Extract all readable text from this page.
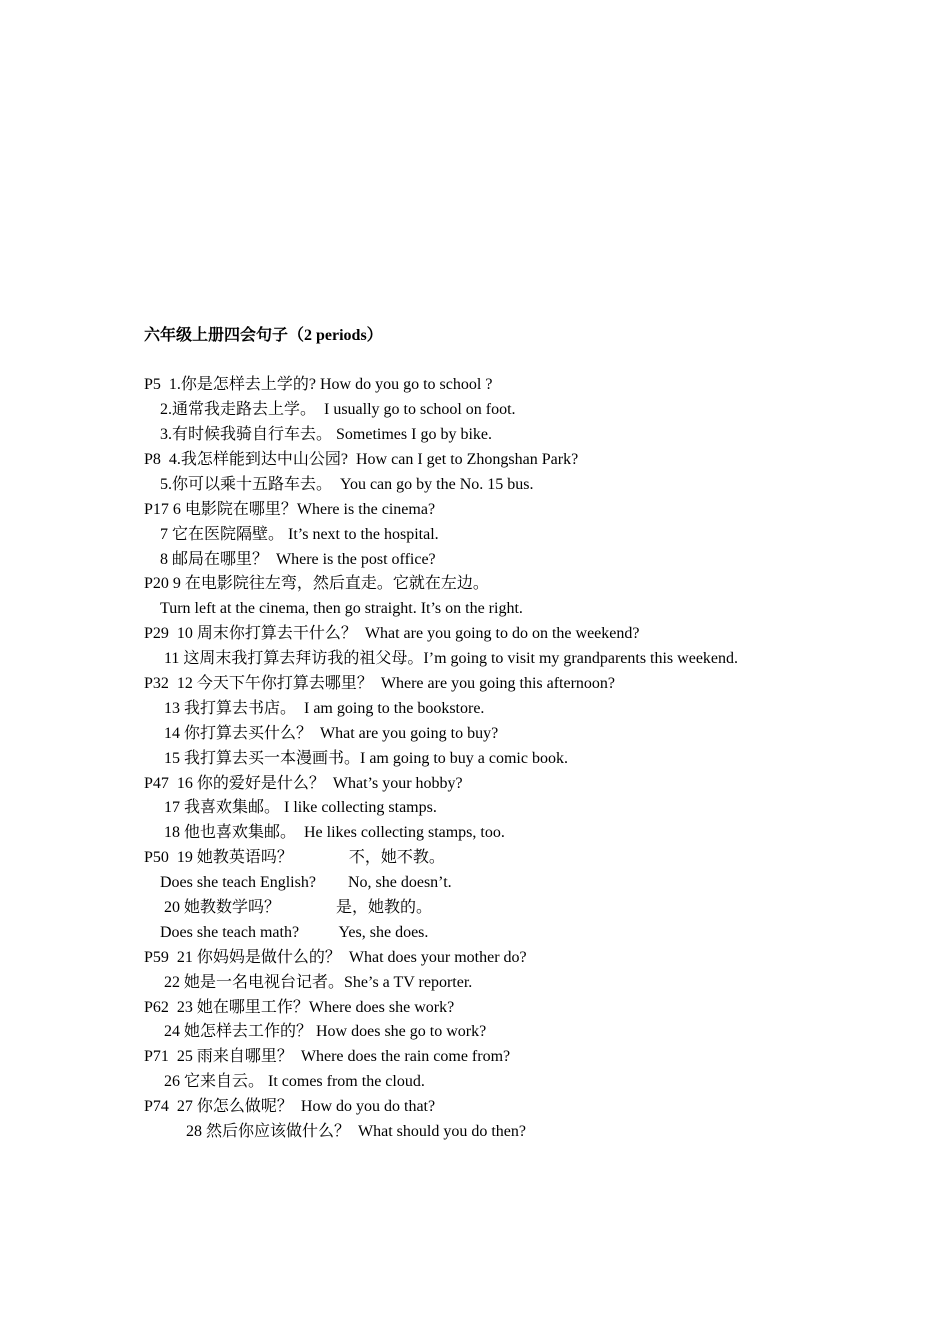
六年级上册四会句子（2 periods）
P5  1.你是怎样去上学的? How do you go to school ?
2.通常我走路去上学。  I usually go to school on foot.
3.有时候我骑自行车去。 Sometimes I go by bike.
P8  4.我怎样能到达中山公园?  How can I get to Zhongshan Park?
5.你可以乘十五路车去。  You can go by the No. 15 bus.
P17 6 电影院在哪里？Where is the cinema?
7 它在医院隔壁。 It’s next to the hospital.
8 邮局在哪里？  Where is the post office?
P20 9 在电影院往左弯，然后直走。它就在左边。
Turn left at the cinema, then go straight. It’s on the right.
P29  10 周末你打算去干什么？  What are you going to do on the weekend?
11 这周末我打算去拜访我的祖父母。I’m going to visit my grandparents this weekend.
P32  12 今天下午你打算去哪里？  Where are you going this afternoon?
13 我打算去书店。  I am going to the bookstore.
14 你打算去买什么？  What are you going to buy?
15 我打算去买一本漫画书。I am going to buy a comic book.
P47  16 你的爱好是什么？  What’s your hobby?
17 我喜欢集邮。 I like collecting stamps.
18 他也喜欢集邮。  He likes collecting stamps, too.
P50  19 她教英语吗？              不，她不教。
Does she teach English?        No, she doesn’t.
20 她教数学吗？              是，她教的。
Does she teach math?          Yes, she does.
P59  21 你妈妈是做什么的？  What does your mother do?
22 她是一名电视台记者。She’s a TV reporter.
P62  23 她在哪里工作？Where does she work?
24 她怎样去工作的？ How does she go to work?
P71  25 雨来自哪里？  Where does the rain come from?
26 它来自云。 It comes from the cloud.
P74  27 你怎么做呢？  How do you do that?
28 然后你应该做什么？  What should you do then?
